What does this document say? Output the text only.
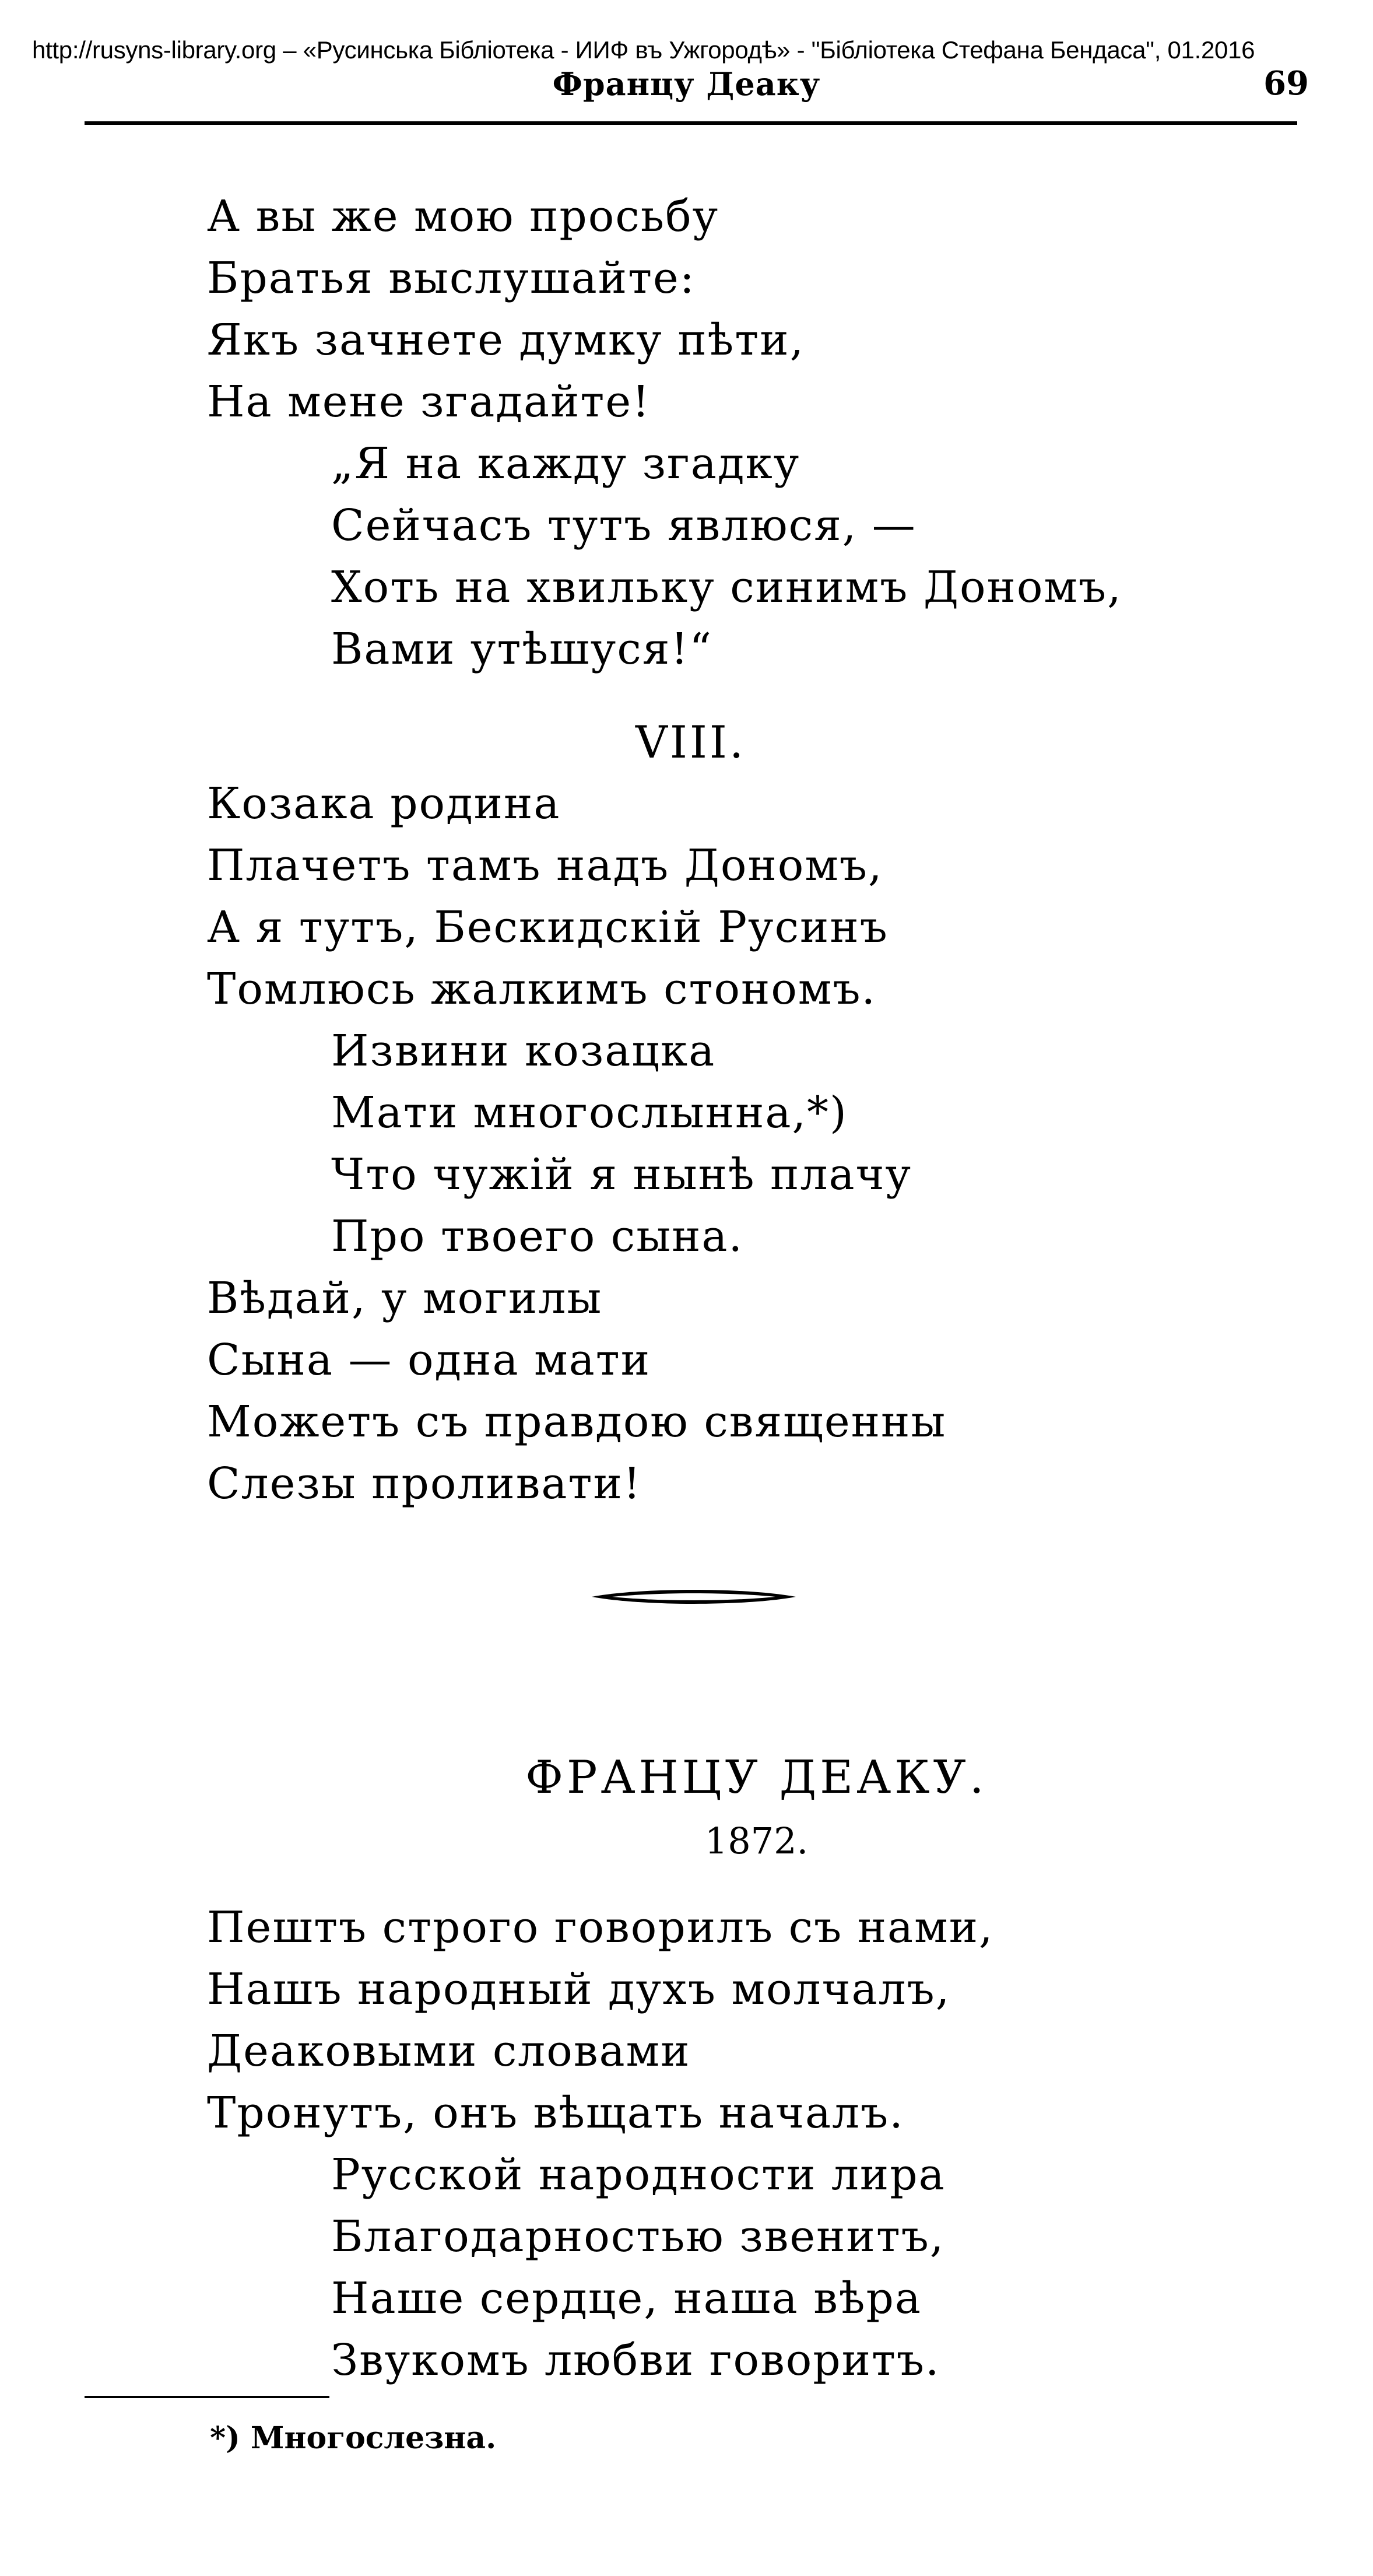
http://rusyns-library.org – «Русинська Бiблiотека - ИИФ въ Ужгородѣ» - "Бiблiотека Стефана Бендаса", 01.2016
Францу Деаку	69
А вы же мою просьбу
Братья выслушайте:
Якъ зачнете думку пѣти,
На мене згадайте!
„Я на кажду згадку
Сейчасъ тутъ явлюся, —
Хоть на хвильку синимъ Дономъ,
Вами утѣшуся!“
VIII.
Козака родина
Плачетъ тамъ надъ Дономъ,
А я тутъ, Бескидскiй Русинъ
Томлюсь жалкимъ стономъ.
Извини козацка
Мати многослынна,*)
Что чужiй я нынѣ плачу
Про твоего сына.
Вѣдай, у могилы
Сына — одна мати
Можетъ съ правдою священны
Слезы проливати!
ФРАНЦУ ДЕАКУ.
1872.
Пештъ строго говорилъ съ нами,
Нашъ народный духъ молчалъ,
Деаковыми словами
Тронутъ, онъ вѣщать началъ.
Русской народности лира
Благодарностью звенитъ,
Наше сердце, наша вѣра
Звукомъ любви говоритъ.
*) Многослезна.
